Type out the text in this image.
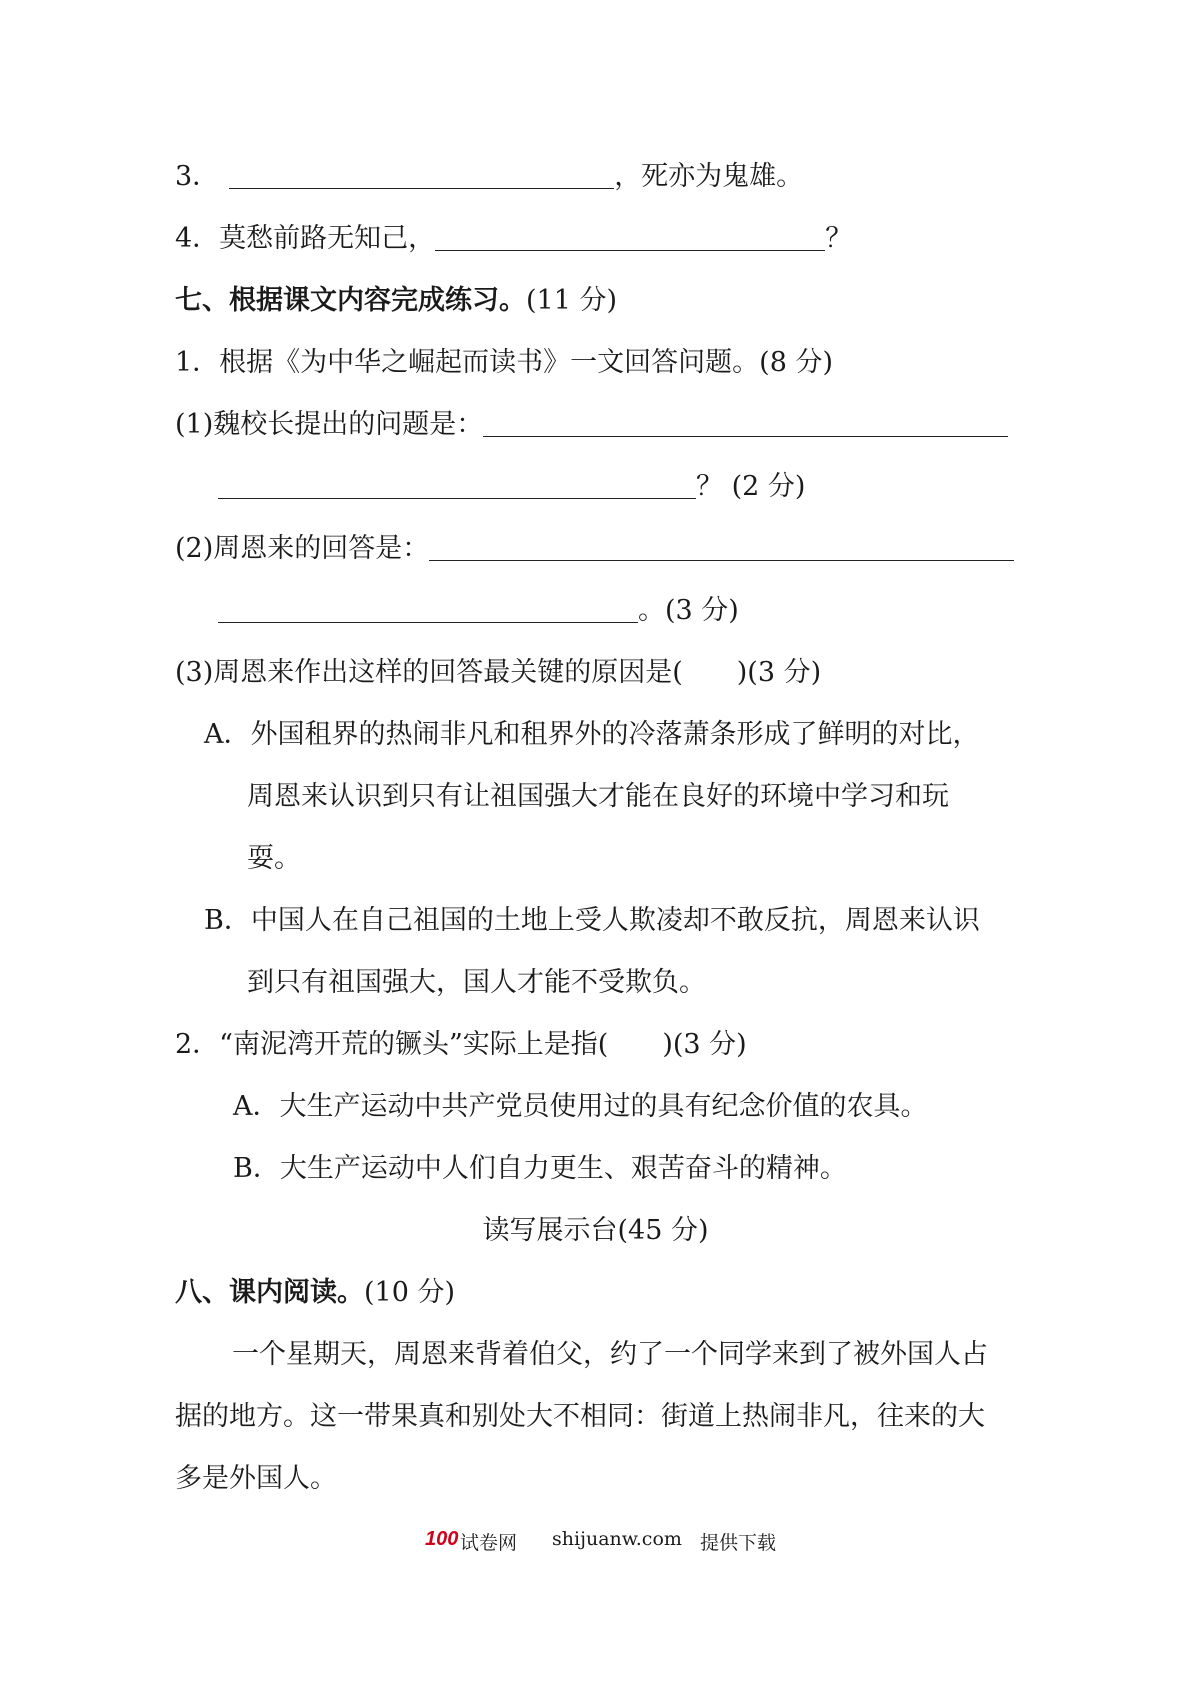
3．	，死亦为鬼雄。
4．莫愁前路无知己，	？
七、根据课文内容完成练习。(11 分)
1．根据《为中华之崛起而读书》一文回答问题。(8 分)
(1)魏校长提出的问题是：
？ (2 分)
(2)周恩来的回答是：
。(3 分)
(3)周恩来作出这样的回答最关键的原因是(　　)(3 分)
A．外国租界的热闹非凡和租界外的冷落萧条形成了鲜明的对比，
周恩来认识到只有让祖国强大才能在良好的环境中学习和玩
耍。
B．中国人在自己祖国的土地上受人欺凌却不敢反抗，周恩来认识
到只有祖国强大，国人才能不受欺负。
2．“南泥湾开荒的镢头”实际上是指(　　)(3 分)
A．大生产运动中共产党员使用过的具有纪念价值的农具。
B．大生产运动中人们自力更生、艰苦奋斗的精神。
读写展示台(45 分)
八、课内阅读。(10 分)
一个星期天，周恩来背着伯父，约了一个同学来到了被外国人占
据的地方。这一带果真和别处大不相同：街道上热闹非凡，往来的大
多是外国人。
100 试卷网 shijuanw.com 提供下载
